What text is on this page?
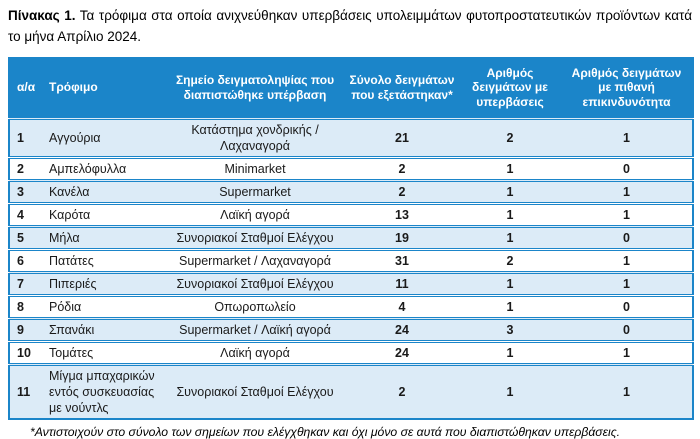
Πίνακας 1. Τα τρόφιμα στα οποία ανιχνεύθηκαν υπερβάσεις υπολειμμάτων φυτοπροστατευτικών προϊόντων κατά το μήνα Απρίλιο 2024.

α/α	Τρόφιμο	Σημείο δειγματοληψίας που διαπιστώθηκε υπέρβαση	Σύνολο δειγμάτων που εξετάστηκαν*	Αριθμός δειγμάτων με υπερβάσεις	Αριθμός δειγμάτων με πιθανή επικινδυνότητα
1	Αγγούρια	Κατάστημα χονδρικής /Λαχαναγορά	21	2	1
2	Αμπελόφυλλα	Minimarket	2	1	0
3	Κανέλα	Supermarket	2	1	1
4	Καρότα	Λαϊκή αγορά	13	1	1
5	Μήλα	Συνοριακοί Σταθμοί Ελέγχου	19	1	0
6	Πατάτες	Supermarket / Λαχαναγορά	31	2	1
7	Πιπεριές	Συνοριακοί Σταθμοί Ελέγχου	11	1	1
8	Ρόδια	Οπωροπωλείο	4	1	0
9	Σπανάκι	Supermarket / Λαϊκή αγορά	24	3	0
10	Τομάτες	Λαϊκή αγορά	24	1	1
11	Μίγμα μπαχαρικών εντός συσκευασίας με νούντλς	Συνοριακοί Σταθμοί Ελέγχου	2	1	1

*Αντιστοιχούν στο σύνολο των σημείων που ελέγχθηκαν και όχι μόνο σε αυτά που διαπιστώθηκαν υπερβάσεις.
